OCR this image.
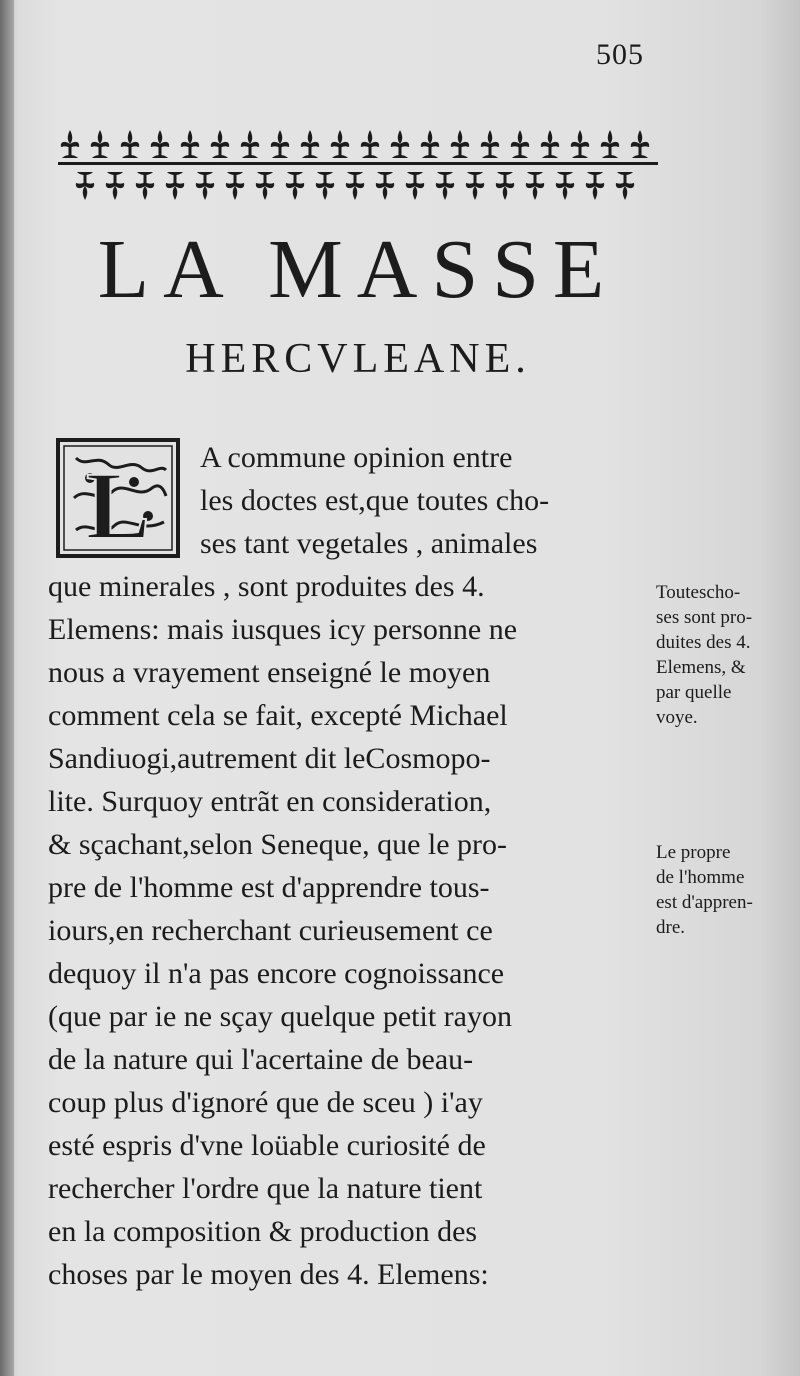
505
LA MASSE
HERCVLEANE.
L	A commune opinion entre
les doctes est,que toutes cho-
ses tant vegetales , animales
que minerales , sont produites des 4.
Elemens: mais iusques icy personne ne
nous a vrayement enseigné le moyen
comment cela se fait, excepté Michael
Sandiuogi,autrement dit leCosmopo-
lite. Surquoy entrãt en consideration,
& sçachant,selon Seneque, que le pro-
pre de l'homme est d'apprendre tous-
iours,en recherchant curieusement ce
dequoy il n'a pas encore cognoissance
(que par ie ne sçay quelque petit rayon
de la nature qui l'acertaine de beau-
coup plus d'ignoré que de sceu ) i'ay
esté espris d'vne loüable curiosité de
rechercher l'ordre que la nature tient
en la composition & production des
choses par le moyen des 4. Elemens:
Toutescho-
ses sont pro-
duites des 4.
Elemens, &
par quelle
voye.
Le propre
de l'homme
est d'appren-
dre.
